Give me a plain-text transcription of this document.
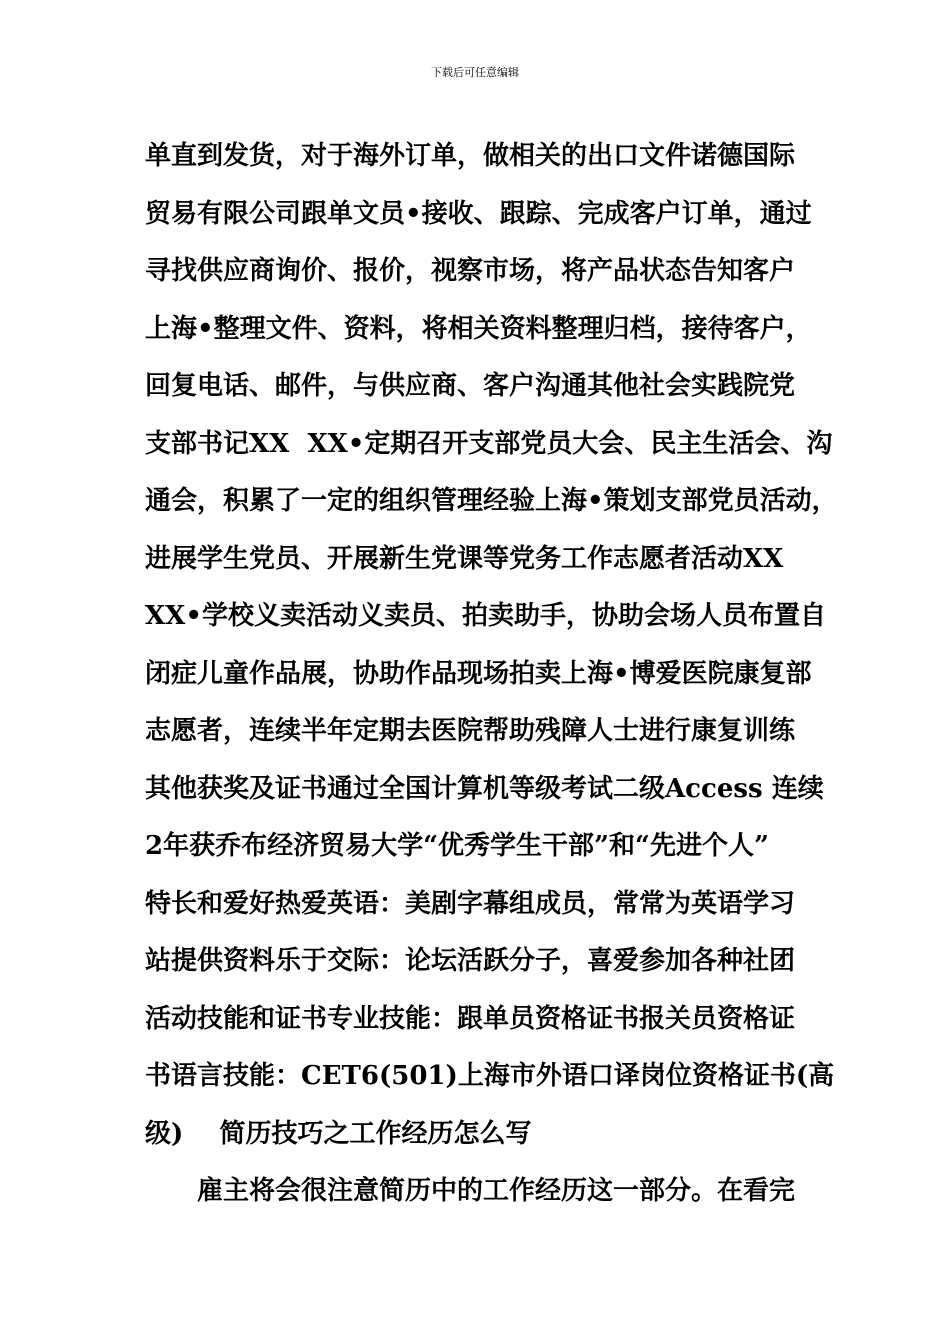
下载后可任意编辑
单直到发货，对于海外订单，做相关的出口文件诺德国际
贸易有限公司跟单文员•接收、跟踪、完成客户订单，通过
寻找供应商询价、报价，视察市场，将产品状态告知客户
上海•整理文件、资料，将相关资料整理归档，接待客户，
回复电话、邮件，与供应商、客户沟通其他社会实践院党
支部书记XX  XX•定期召开支部党员大会、民主生活会、沟
通会，积累了一定的组织管理经验上海•策划支部党员活动，
进展学生党员、开展新生党课等党务工作志愿者活动XX
XX•学校义卖活动义卖员、拍卖助手，协助会场人员布置自
闭症儿童作品展，协助作品现场拍卖上海•博爱医院康复部
志愿者，连续半年定期去医院帮助残障人士进行康复训练
其他获奖及证书通过全国计算机等级考试二级Access 连续
2年获乔布经济贸易大学“优秀学生干部”和“先进个人”
特长和爱好热爱英语：美剧字幕组成员，常常为英语学习
站提供资料乐于交际：论坛活跃分子，喜爱参加各种社团
活动技能和证书专业技能：跟单员资格证书报关员资格证
书语言技能：CET6(501)上海市外语口译岗位资格证书(高
级)    简历技巧之工作经历怎么写
雇主将会很注意简历中的工作经历这一部分。在看完
